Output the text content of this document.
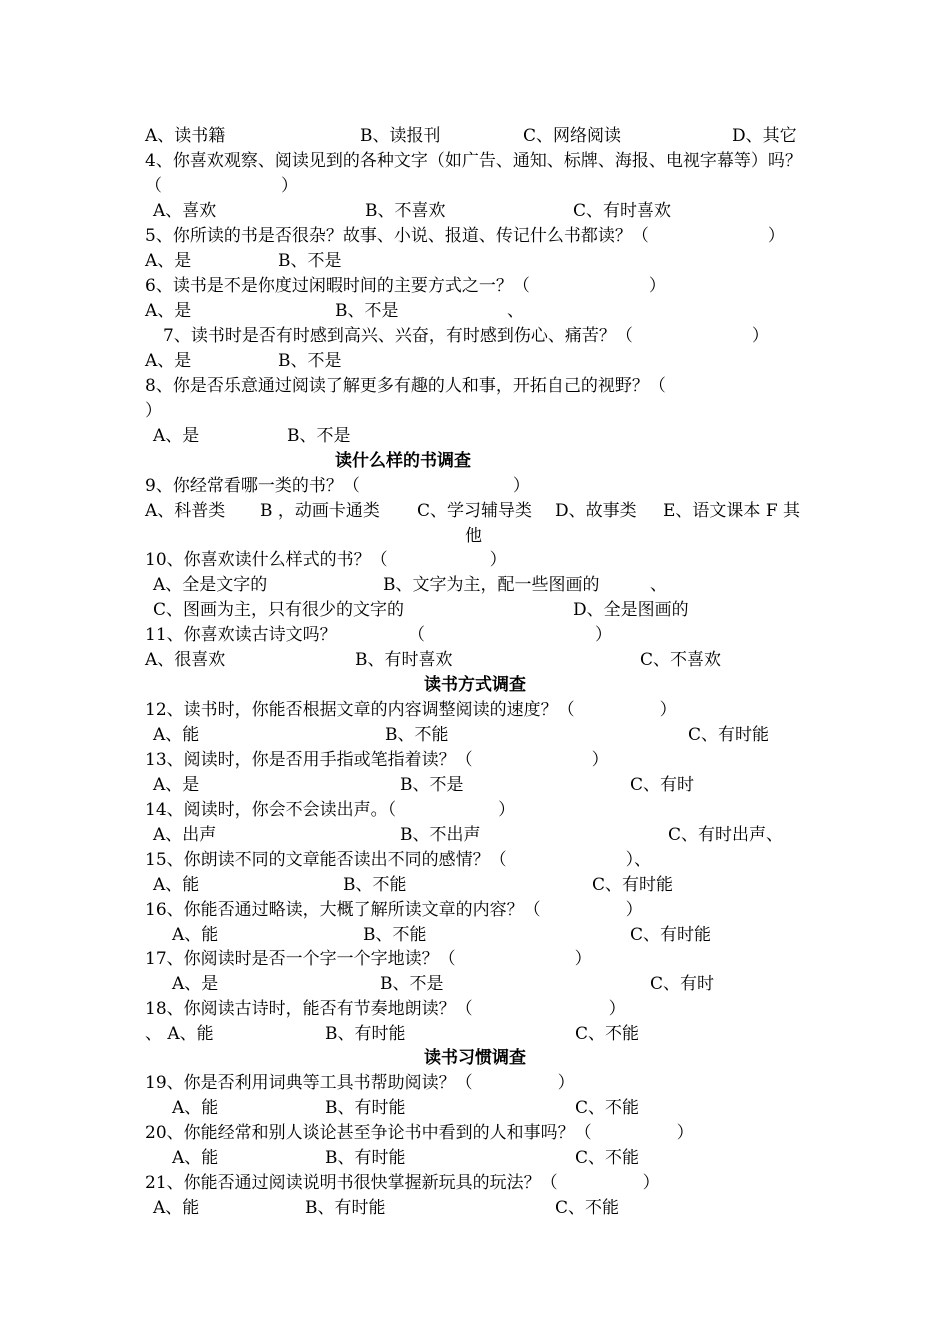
A、读书籍	B、读报刊	C、网络阅读	D、其它
4、你喜欢观察、阅读见到的各种文字（如广告、通知、标牌、海报、电视字幕等）吗？
（　　　　　　　）
A、喜欢	B、不喜欢	C、有时喜欢
5、你所读的书是否很杂？故事、小说、报道、传记什么书都读？（　　　　　　　）
A、是	B、不是
6、读书是不是你度过闲暇时间的主要方式之一？（　　　　　　　）
A、是	B、不是	、
7、读书时是否有时感到高兴、兴奋，有时感到伤心、痛苦？（　　　　　　　）
A、是	B、不是
8、你是否乐意通过阅读了解更多有趣的人和事，开拓自己的视野？（
）
A、是	B、不是
读什么样的书调查
9、你经常看哪一类的书？（　　　　　　　　　）
A、科普类 B ，动画卡通类 C、学习辅导类 D、故事类 E、语文课本 F 其
他
10、你喜欢读什么样式的书？（　　　　　　）
A、全是文字的	B、文字为主，配一些图画的	、
C、图画为主，只有很少的文字的	D、全是图画的
11、你喜欢读古诗文吗？	（　　　　　　　　　　）
A、很喜欢	B、有时喜欢	C、不喜欢
读书方式调查
12、读书时，你能否根据文章的内容调整阅读的速度？（　　　　　）
A、能	B、不能	C、有时能
13、阅读时，你是否用手指或笔指着读？（　　　　　　　）
A、是	B、不是	C、有时
14、阅读时，你会不会读出声。（　　　　　　）
A、出声	B、不出声	C、有时出声、
15、你朗读不同的文章能否读出不同的感情？（　　　　　　　）、
A、能	B、不能	C、有时能
16、你能否通过略读，大概了解所读文章的内容？（　　　　　）
A、能	B、不能	C、有时能
17、你阅读时是否一个字一个字地读？（　　　　　　　）
A、是	B、不是	C、有时
18、你阅读古诗时，能否有节奏地朗读？（　　　　　　　　）
、 A、能	B、有时能	C、不能
读书习惯调查
19、你是否利用词典等工具书帮助阅读？（　　　　　）
A、能	B、有时能	C、不能
20、你能经常和别人谈论甚至争论书中看到的人和事吗？（　　　　　）
A、能	B、有时能	C、不能
21、你能否通过阅读说明书很快掌握新玩具的玩法？（　　　　　）
A、能	B、有时能	C、不能
